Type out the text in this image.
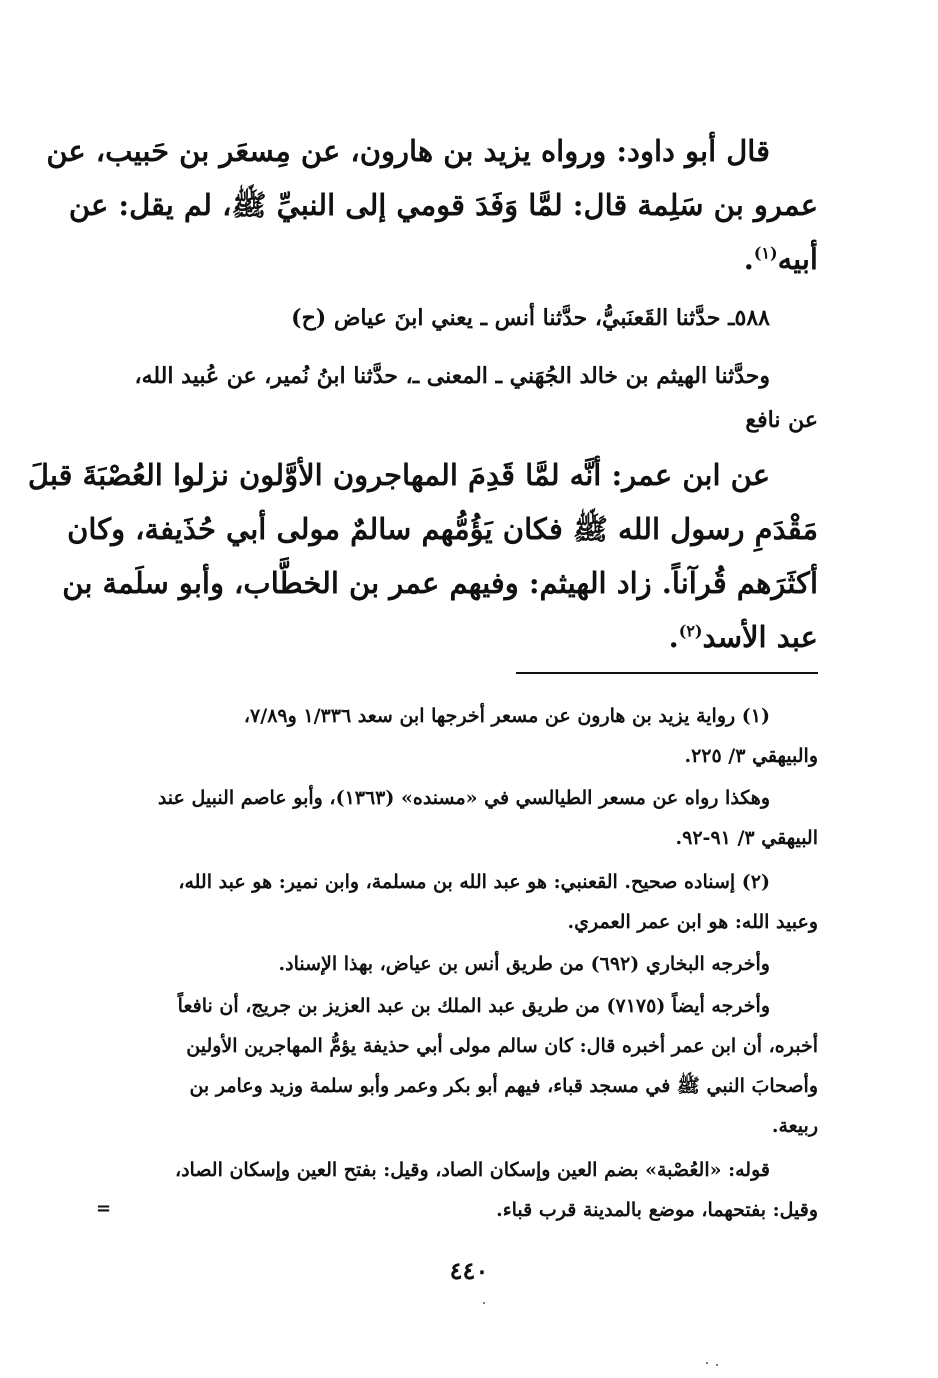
قال أبو داود: ورواه يزيد بن هارون، عن مِسعَر بن حَبيب، عن
عمرو بن سَلِمة قال: لمَّا وَفَدَ قومي إلى النبيِّ ﷺ، لم يقل: عن
أبيه$^{(١)}$.
٥٨٨ـ حدَّثنا القَعنَبيُّ، حدَّثنا أنس ـ يعني ابنَ عياض (ح)
وحدَّثنا الهيثم بن خالد الجُهَني ـ المعنى ـ، حدَّثنا ابنُ نُمير، عن عُبيد الله،
عن نافع
عن ابن عمر: أنَّه لمَّا قَدِمَ المهاجرون الأوَّلون نزلوا العُصْبَةَ قبلَ
مَقْدَمِ رسول الله ﷺ فكان يَؤُمُّهم سالمٌ مولى أبي حُذَيفة، وكان
أكثَرَهم قُرآناً. زاد الهيثم: وفيهم عمر بن الخطَّاب، وأبو سلَمة بن
عبد الأسد$^{(٢)}$.
(١) رواية يزيد بن هارون عن مسعر أخرجها ابن سعد ١/٣٣٦ و٧/٨٩،
والبيهقي ٣/ ٢٢٥.
وهكذا رواه عن مسعر الطيالسي في «مسنده» (١٣٦٣)، وأبو عاصم النبيل عند
البيهقي ٣/ ٩١-٩٢.
(٢) إسناده صحيح. القعنبي: هو عبد الله بن مسلمة، وابن نمير: هو عبد الله،
وعبيد الله: هو ابن عمر العمري.
وأخرجه البخاري (٦٩٢) من طريق أنس بن عياض، بهذا الإسناد.
وأخرجه أيضاً (٧١٧٥) من طريق عبد الملك بن عبد العزيز بن جريج، أن نافعاً
أخبره، أن ابن عمر أخبره قال: كان سالم مولى أبي حذيفة يؤمُّ المهاجرين الأولين
وأصحابَ النبي ﷺ في مسجد قباء، فيهم أبو بكر وعمر وأبو سلمة وزيد وعامر بن
ربيعة.
قوله: «العُصْبة» بضم العين وإسكان الصاد، وقيل: بفتح العين وإسكان الصاد،
وقيل: بفتحهما، موضع بالمدينة قرب قباء.
=
٤٤٠
